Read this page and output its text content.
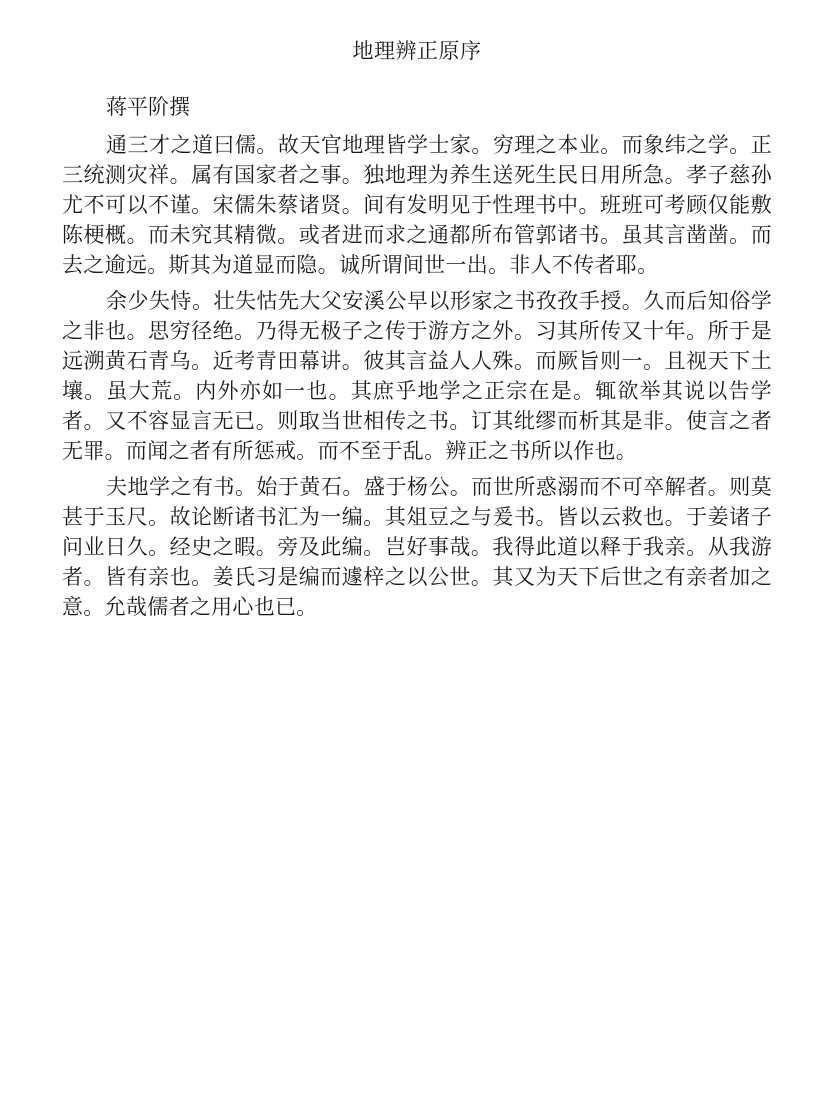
地理辨正原序
蒋平阶撰

通三才之道曰儒。故天官地理皆学士家。穷理之本业。而象纬之学。正三统测灾祥。属有国家者之事。独地理为养生送死生民日用所急。孝子慈孙尤不可以不谨。宋儒朱蔡诸贤。间有发明见于性理书中。班班可考顾仅能敷陈梗概。而未究其精微。或者进而求之通都所布管郭诸书。虽其言凿凿。而去之逾远。斯其为道显而隐。诚所谓间世一出。非人不传者耶。

余少失恃。壮失怙先大父安溪公早以形家之书孜孜手授。久而后知俗学之非也。思穷径绝。乃得无极子之传于游方之外。习其所传又十年。所于是远溯黄石青乌。近考青田幕讲。彼其言益人人殊。而厥旨则一。且视天下土壤。虽大荒。内外亦如一也。其庶乎地学之正宗在是。辄欲举其说以告学者。又不容显言无已。则取当世相传之书。订其纰缪而析其是非。使言之者无罪。而闻之者有所惩戒。而不至于乱。辨正之书所以作也。

夫地学之有书。始于黄石。盛于杨公。而世所惑溺而不可卒解者。则莫甚于玉尺。故论断诸书汇为一编。其俎豆之与爰书。皆以云救也。于姜诸子问业日久。经史之暇。旁及此编。岂好事哉。我得此道以释于我亲。从我游者。皆有亲也。姜氏习是编而遽梓之以公世。其又为天下后世之有亲者加之意。允哉儒者之用心也已。
